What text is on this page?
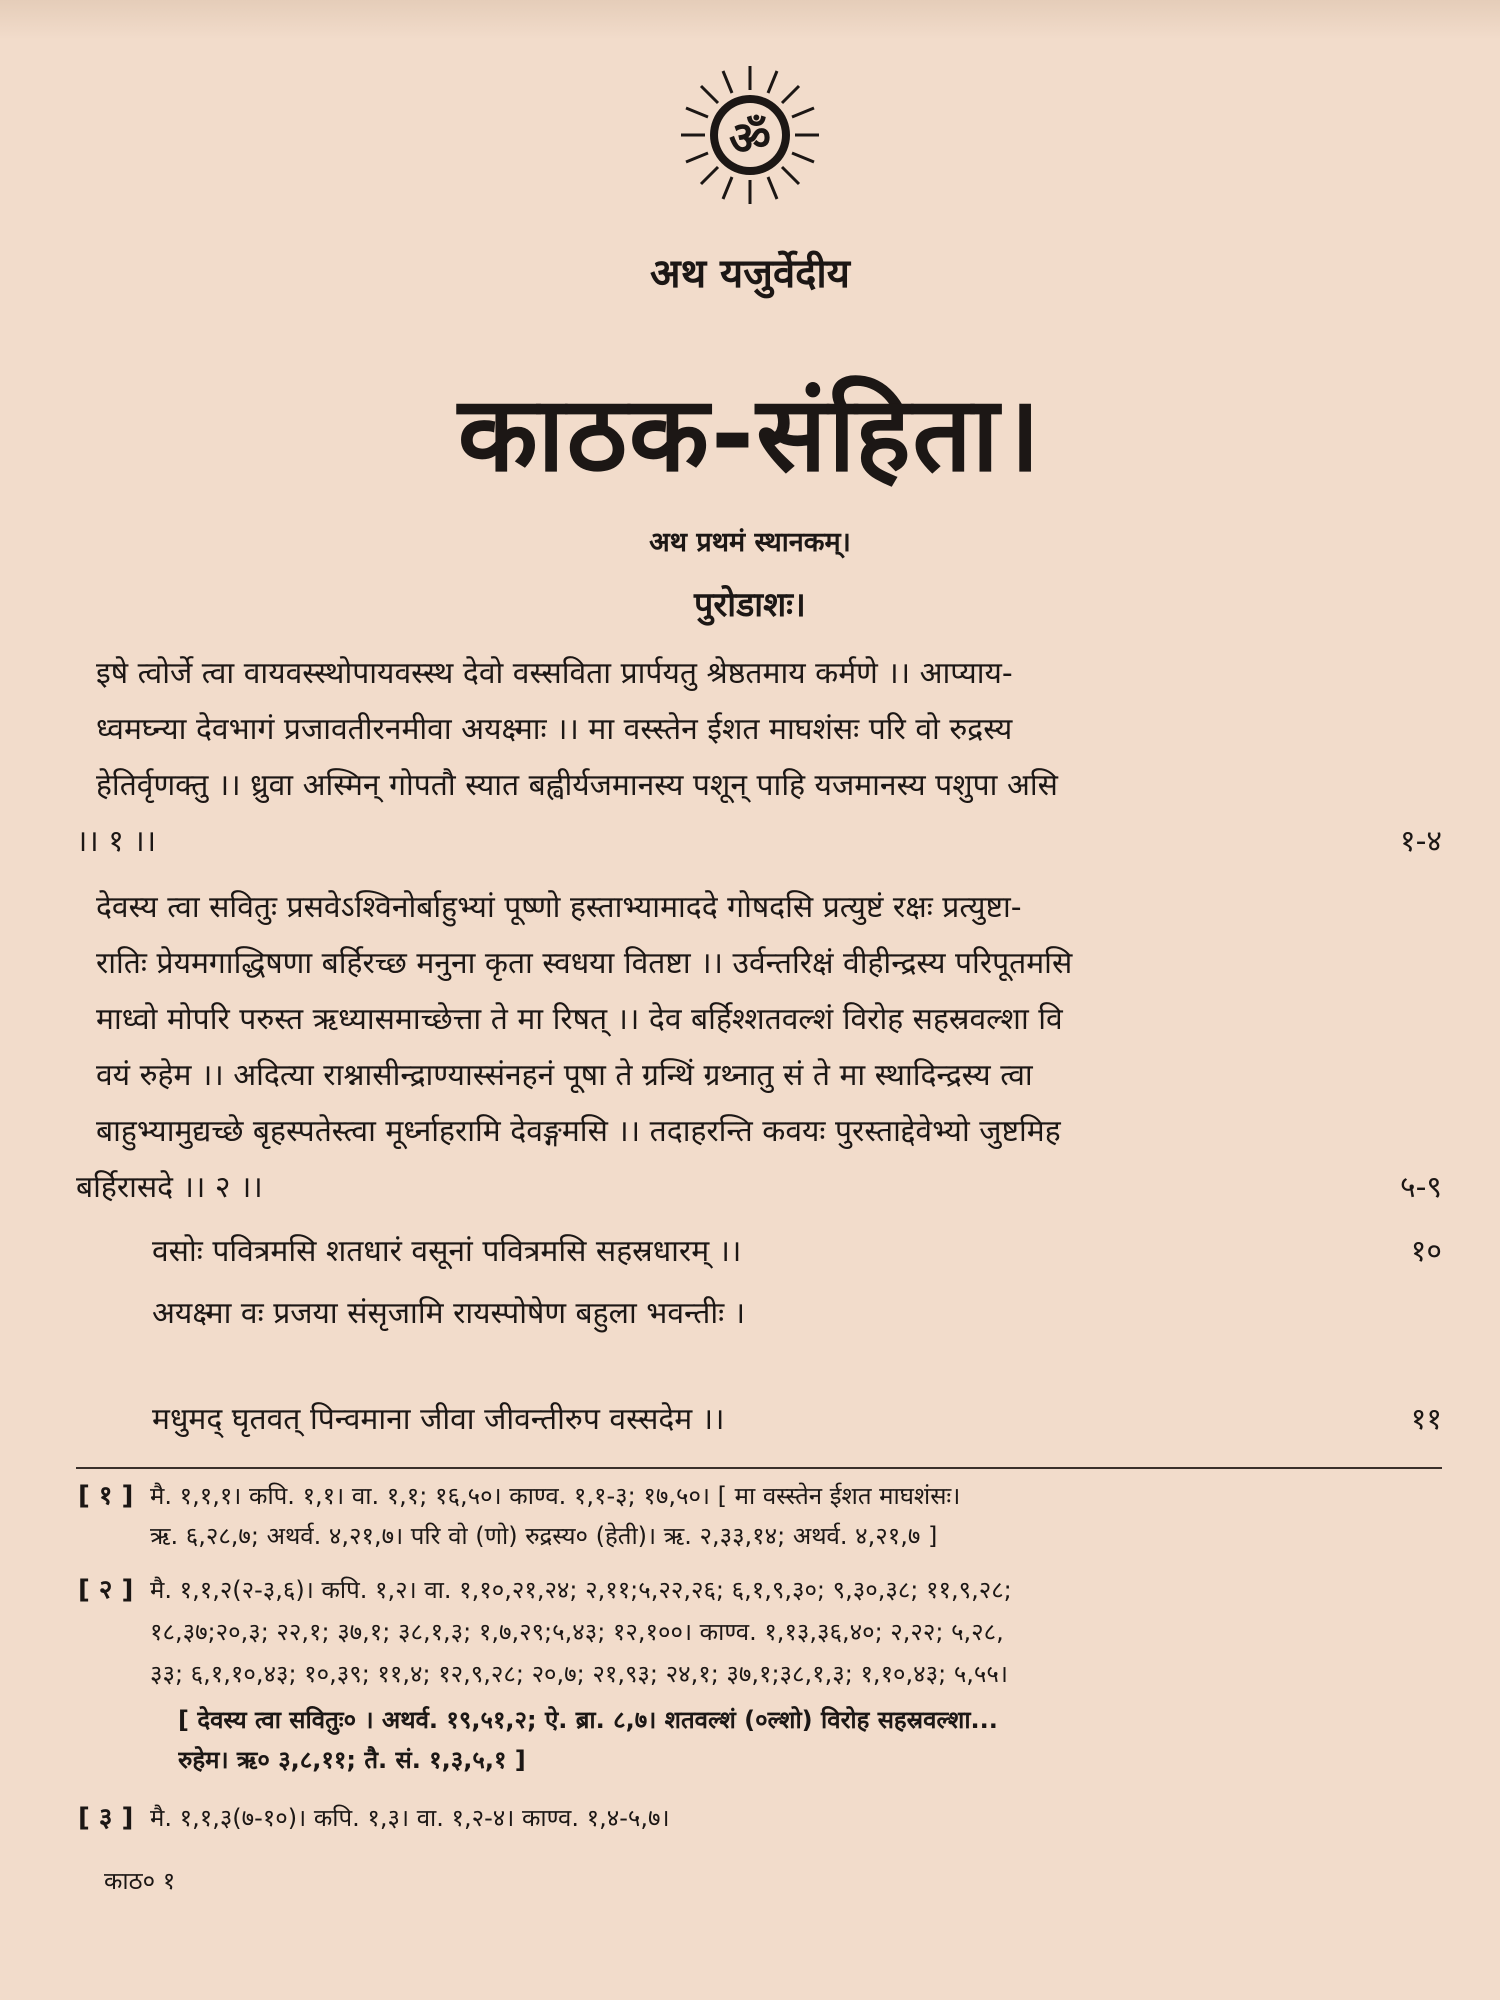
ॐ
अथ यजुर्वेदीय
काठक-संहिता।
अथ प्रथमं स्थानकम्।
पुरोडाशः।
इषे त्वोर्जे त्वा वायवस्स्थोपायवस्स्थ देवो वस्सविता प्रार्पयतु श्रेष्ठतमाय कर्मणे ।। आप्याय-
ध्वमघ्न्या देवभागं प्रजावतीरनमीवा अयक्ष्माः ।। मा वस्स्तेन ईशत माघशंसः परि वो रुद्रस्य
हेतिर्वृणक्तु ।। ध्रुवा अस्मिन् गोपतौ स्यात बह्वीर्यजमानस्य पशून् पाहि यजमानस्य पशुपा असि
।। १ ।।	१-४
देवस्य त्वा सवितुः प्रसवेऽश्विनोर्बाहुभ्यां पूष्णो हस्ताभ्यामाददे गोषदसि प्रत्युष्टं रक्षः प्रत्युष्टा-
रातिः प्रेयमगाद्धिषणा बर्हिरच्छ मनुना कृता स्वधया वितष्टा ।। उर्वन्तरिक्षं वीहीन्द्रस्य परिपूतमसि
माध्वो मोपरि परुस्त ऋध्यासमाच्छेत्ता ते मा रिषत् ।। देव बर्हिश्शतवल्शं विरोह सहस्रवल्शा वि
वयं रुहेम ।। अदित्या राश्नासीन्द्राण्यास्संनहनं पूषा ते ग्रन्थिं ग्रथ्नातु सं ते मा स्थादिन्द्रस्य त्वा
बाहुभ्यामुद्यच्छे बृहस्पतेस्त्वा मूर्ध्नाहरामि देवङ्गमसि ।। तदाहरन्ति कवयः पुरस्ताद्देवेभ्यो जुष्टमिह
बर्हिरासदे ।। २ ।।	५-९
वसोः पवित्रमसि शतधारं वसूनां पवित्रमसि सहस्रधारम् ।।	१०
अयक्ष्मा वः प्रजया संसृजामि रायस्पोषेण बहुला भवन्तीः ।
मधुमद् घृतवत् पिन्वमाना जीवा जीवन्तीरुप वस्सदेम ।।	११
[ १ ] मै. १,१,१। कपि. १,१। वा. १,१; १६,५०। काण्व. १,१-३; १७,५०। [ मा वस्स्तेन ईशत माघशंसः।
ऋ. ६,२८,७; अथर्व. ४,२१,७। परि वो (णो) रुद्रस्य० (हेती)। ऋ. २,३३,१४; अथर्व. ४,२१,७ ]
[ २ ] मै. १,१,२(२-३,६)। कपि. १,२। वा. १,१०,२१,२४; २,११;५,२२,२६; ६,१,९,३०; ९,३०,३८; ११,९,२८;
१८,३७;२०,३; २२,१; ३७,१; ३८,१,३; १,७,२९;५,४३; १२,१००। काण्व. १,१३,३६,४०; २,२२; ५,२८,
३३; ६,१,१०,४३; १०,३९; ११,४; १२,९,२८; २०,७; २१,९३; २४,१; ३७,१;३८,१,३; १,१०,४३; ५,५५।
[ देवस्य त्वा सवितुः० । अथर्व. १९,५१,२; ऐ. ब्रा. ८,७। शतवल्शं (०ल्शो) विरोह सहस्रवल्शा...
रुहेम। ऋ० ३,८,११; तै. सं. १,३,५,१ ]
[ ३ ] मै. १,१,३(७-१०)। कपि. १,३। वा. १,२-४। काण्व. १,४-५,७।
काठ० १
